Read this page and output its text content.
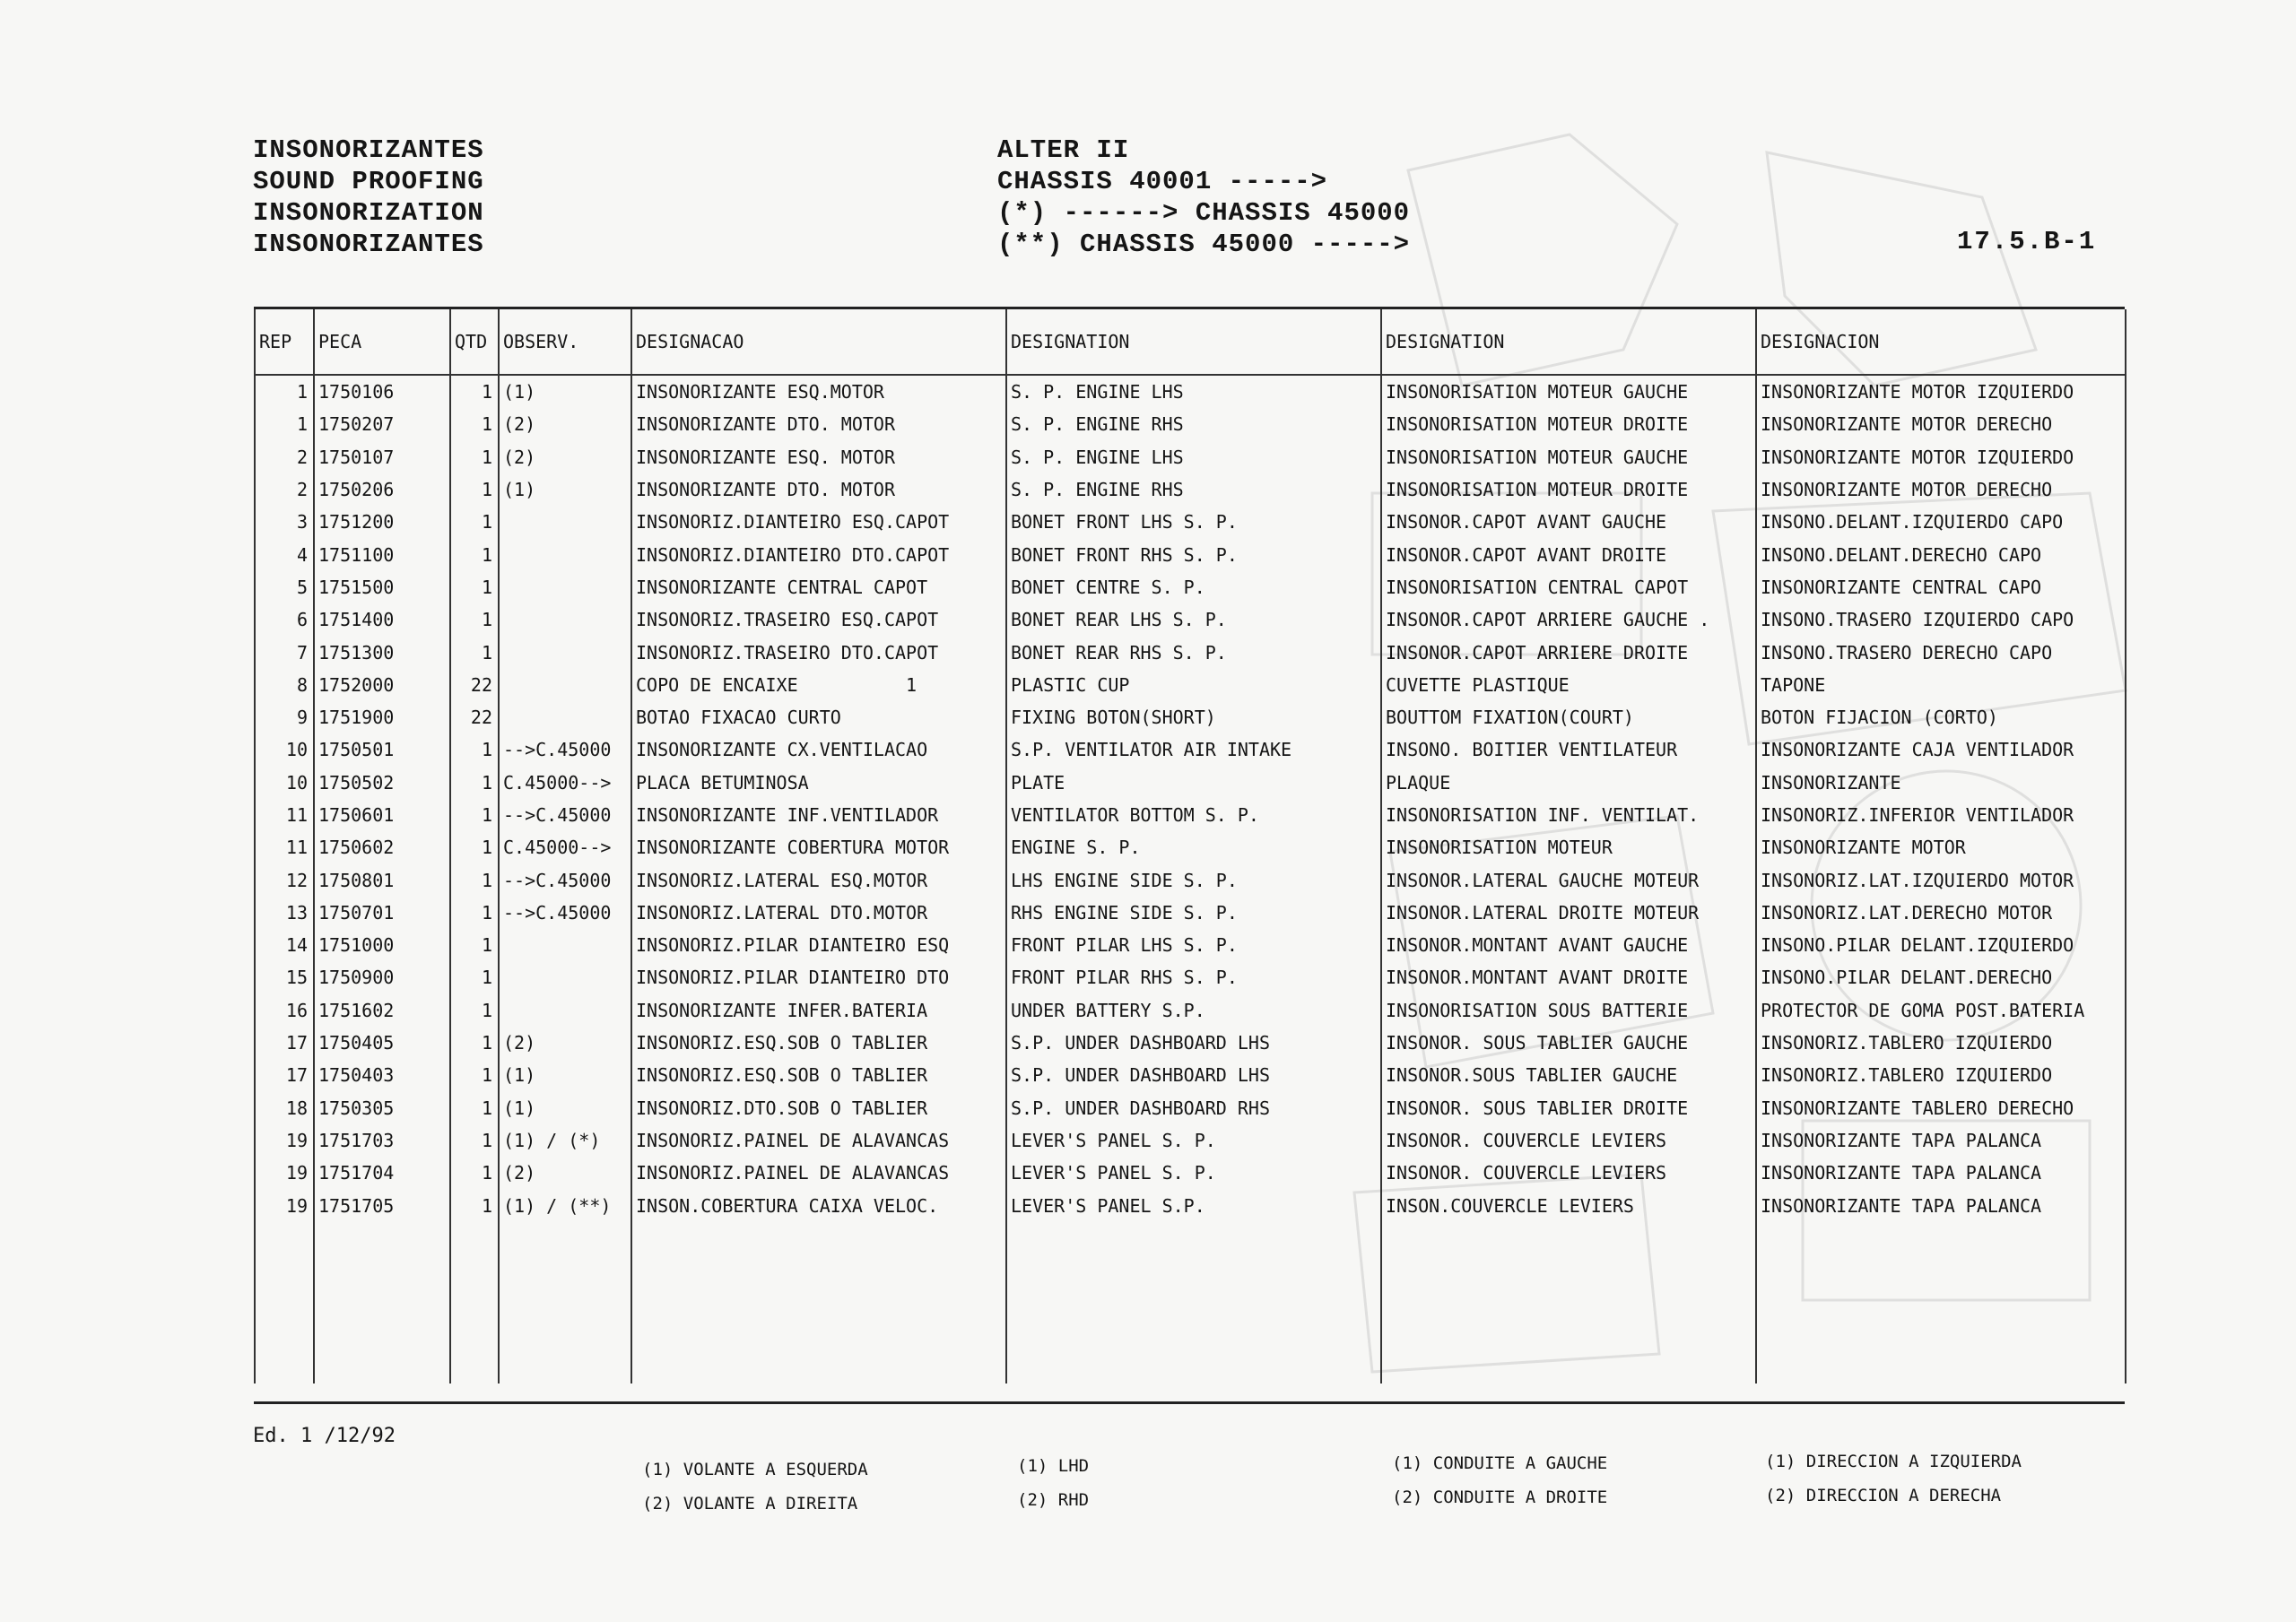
INSONORIZANTES
SOUND PROOFING
INSONORIZATION
INSONORIZANTES
ALTER II
CHASSIS 40001 ----->
(*) ------> CHASSIS 45000
(**) CHASSIS 45000 ----->	17.5.B-1
REP	PECA	QTD	OBSERV.	DESIGNACAO	DESIGNATION	DESIGNATION	DESIGNACION
1	1750106	1	(1)	INSONORIZANTE ESQ.MOTOR	S. P. ENGINE LHS	INSONORISATION MOTEUR GAUCHE	INSONORIZANTE MOTOR IZQUIERDO
1	1750207	1	(2)	INSONORIZANTE DTO. MOTOR	S. P. ENGINE RHS	INSONORISATION MOTEUR DROITE	INSONORIZANTE MOTOR DERECHO
2	1750107	1	(2)	INSONORIZANTE ESQ. MOTOR	S. P. ENGINE LHS	INSONORISATION MOTEUR GAUCHE	INSONORIZANTE MOTOR IZQUIERDO
2	1750206	1	(1)	INSONORIZANTE DTO. MOTOR	S. P. ENGINE RHS	INSONORISATION MOTEUR DROITE	INSONORIZANTE MOTOR DERECHO
3	1751200	1		INSONORIZ.DIANTEIRO ESQ.CAPOT	BONET FRONT LHS S. P.	INSONOR.CAPOT AVANT GAUCHE	INSONO.DELANT.IZQUIERDO CAPO
4	1751100	1		INSONORIZ.DIANTEIRO DTO.CAPOT	BONET FRONT RHS S. P.	INSONOR.CAPOT AVANT DROITE	INSONO.DELANT.DERECHO CAPO
5	1751500	1		INSONORIZANTE CENTRAL CAPOT	BONET CENTRE S. P.	INSONORISATION CENTRAL CAPOT	INSONORIZANTE CENTRAL CAPO
6	1751400	1		INSONORIZ.TRASEIRO ESQ.CAPOT	BONET REAR LHS S. P.	INSONOR.CAPOT ARRIERE GAUCHE .	INSONO.TRASERO IZQUIERDO CAPO
7	1751300	1		INSONORIZ.TRASEIRO DTO.CAPOT	BONET REAR RHS S. P.	INSONOR.CAPOT ARRIERE DROITE	INSONO.TRASERO DERECHO CAPO
8	1752000	22		COPO DE ENCAIXE          1	PLASTIC CUP	CUVETTE PLASTIQUE	TAPONE
9	1751900	22		BOTAO FIXACAO CURTO	FIXING BOTON(SHORT)	BOUTTOM FIXATION(COURT)	BOTON FIJACION (CORTO)
10	1750501	1	-->C.45000	INSONORIZANTE CX.VENTILACAO	S.P. VENTILATOR AIR INTAKE	INSONO. BOITIER VENTILATEUR	INSONORIZANTE CAJA VENTILADOR
10	1750502	1	C.45000-->	PLACA BETUMINOSA	PLATE	PLAQUE	INSONORIZANTE
11	1750601	1	-->C.45000	INSONORIZANTE INF.VENTILADOR	VENTILATOR BOTTOM S. P.	INSONORISATION INF. VENTILAT.	INSONORIZ.INFERIOR VENTILADOR
11	1750602	1	C.45000-->	INSONORIZANTE COBERTURA MOTOR	ENGINE S. P.	INSONORISATION MOTEUR	INSONORIZANTE MOTOR
12	1750801	1	-->C.45000	INSONORIZ.LATERAL ESQ.MOTOR	LHS ENGINE SIDE S. P.	INSONOR.LATERAL GAUCHE MOTEUR	INSONORIZ.LAT.IZQUIERDO MOTOR
13	1750701	1	-->C.45000	INSONORIZ.LATERAL DTO.MOTOR	RHS ENGINE SIDE S. P.	INSONOR.LATERAL DROITE MOTEUR	INSONORIZ.LAT.DERECHO MOTOR
14	1751000	1		INSONORIZ.PILAR DIANTEIRO ESQ	FRONT PILAR LHS S. P.	INSONOR.MONTANT AVANT GAUCHE	INSONO.PILAR DELANT.IZQUIERDO
15	1750900	1		INSONORIZ.PILAR DIANTEIRO DTO	FRONT PILAR RHS S. P.	INSONOR.MONTANT AVANT DROITE	INSONO.PILAR DELANT.DERECHO
16	1751602	1		INSONORIZANTE INFER.BATERIA	UNDER BATTERY S.P.	INSONORISATION SOUS BATTERIE	PROTECTOR DE GOMA POST.BATERIA
17	1750405	1	(2)	INSONORIZ.ESQ.SOB O TABLIER	S.P. UNDER DASHBOARD LHS	INSONOR. SOUS TABLIER GAUCHE	INSONORIZ.TABLERO IZQUIERDO
17	1750403	1	(1)	INSONORIZ.ESQ.SOB O TABLIER	S.P. UNDER DASHBOARD LHS	INSONOR.SOUS TABLIER GAUCHE	INSONORIZ.TABLERO IZQUIERDO
18	1750305	1	(1)	INSONORIZ.DTO.SOB O TABLIER	S.P. UNDER DASHBOARD RHS	INSONOR. SOUS TABLIER DROITE	INSONORIZANTE TABLERO DERECHO
19	1751703	1	(1) / (*)	INSONORIZ.PAINEL DE ALAVANCAS	LEVER'S PANEL S. P.	INSONOR. COUVERCLE LEVIERS	INSONORIZANTE TAPA PALANCA
19	1751704	1	(2)	INSONORIZ.PAINEL DE ALAVANCAS	LEVER'S PANEL S. P.	INSONOR. COUVERCLE LEVIERS	INSONORIZANTE TAPA PALANCA
19	1751705	1	(1) / (**)	INSON.COBERTURA CAIXA VELOC.	LEVER'S PANEL S.P.	INSON.COUVERCLE LEVIERS	INSONORIZANTE TAPA PALANCA

Ed. 1 /12/92
(1) VOLANTE A ESQUERDA
(2) VOLANTE A DIREITA
(1) LHD
(2) RHD
(1) CONDUITE A GAUCHE
(2) CONDUITE A DROITE
(1) DIRECCION A IZQUIERDA
(2) DIRECCION A DERECHA
